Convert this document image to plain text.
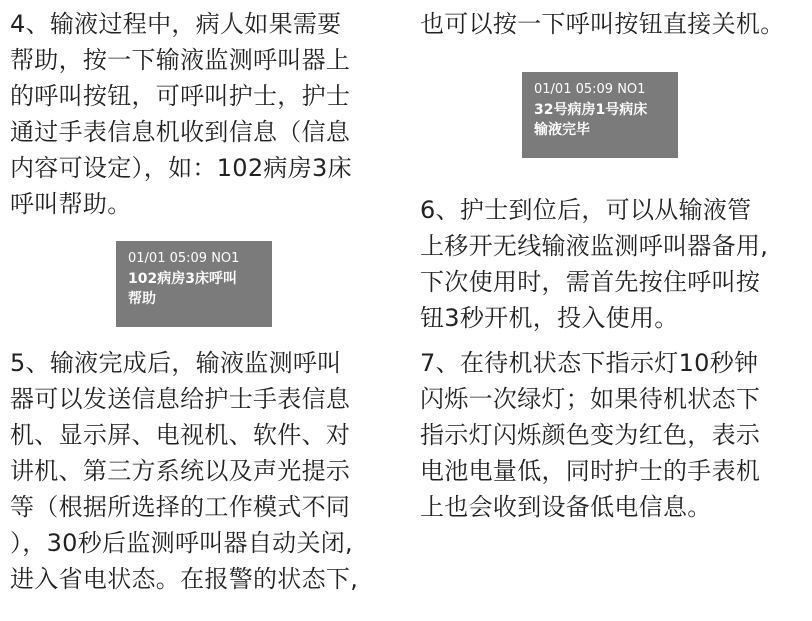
4、输液过程中，病人如果需要
帮助，按一下输液监测呼叫器上
的呼叫按钮，可呼叫护士，护士
通过手表信息机收到信息（信息
内容可设定），如：102病房3床
呼叫帮助。

01/01 05:09 NO1
102病房3床呼叫
帮助

5、输液完成后，输液监测呼叫
器可以发送信息给护士手表信息
机、显示屏、电视机、软件、对
讲机、第三方系统以及声光提示
等（根据所选择的工作模式不同
），30秒后监测呼叫器自动关闭,
进入省电状态。在报警的状态下,

也可以按一下呼叫按钮直接关机。

01/01 05:09 NO1
32号病房1号病床
输液完毕

6、护士到位后，可以从输液管
上移开无线输液监测呼叫器备用,
下次使用时，需首先按住呼叫按
钮3秒开机，投入使用。

7、在待机状态下指示灯10秒钟
闪烁一次绿灯；如果待机状态下
指示灯闪烁颜色变为红色，表示
电池电量低，同时护士的手表机
上也会收到设备低电信息。
